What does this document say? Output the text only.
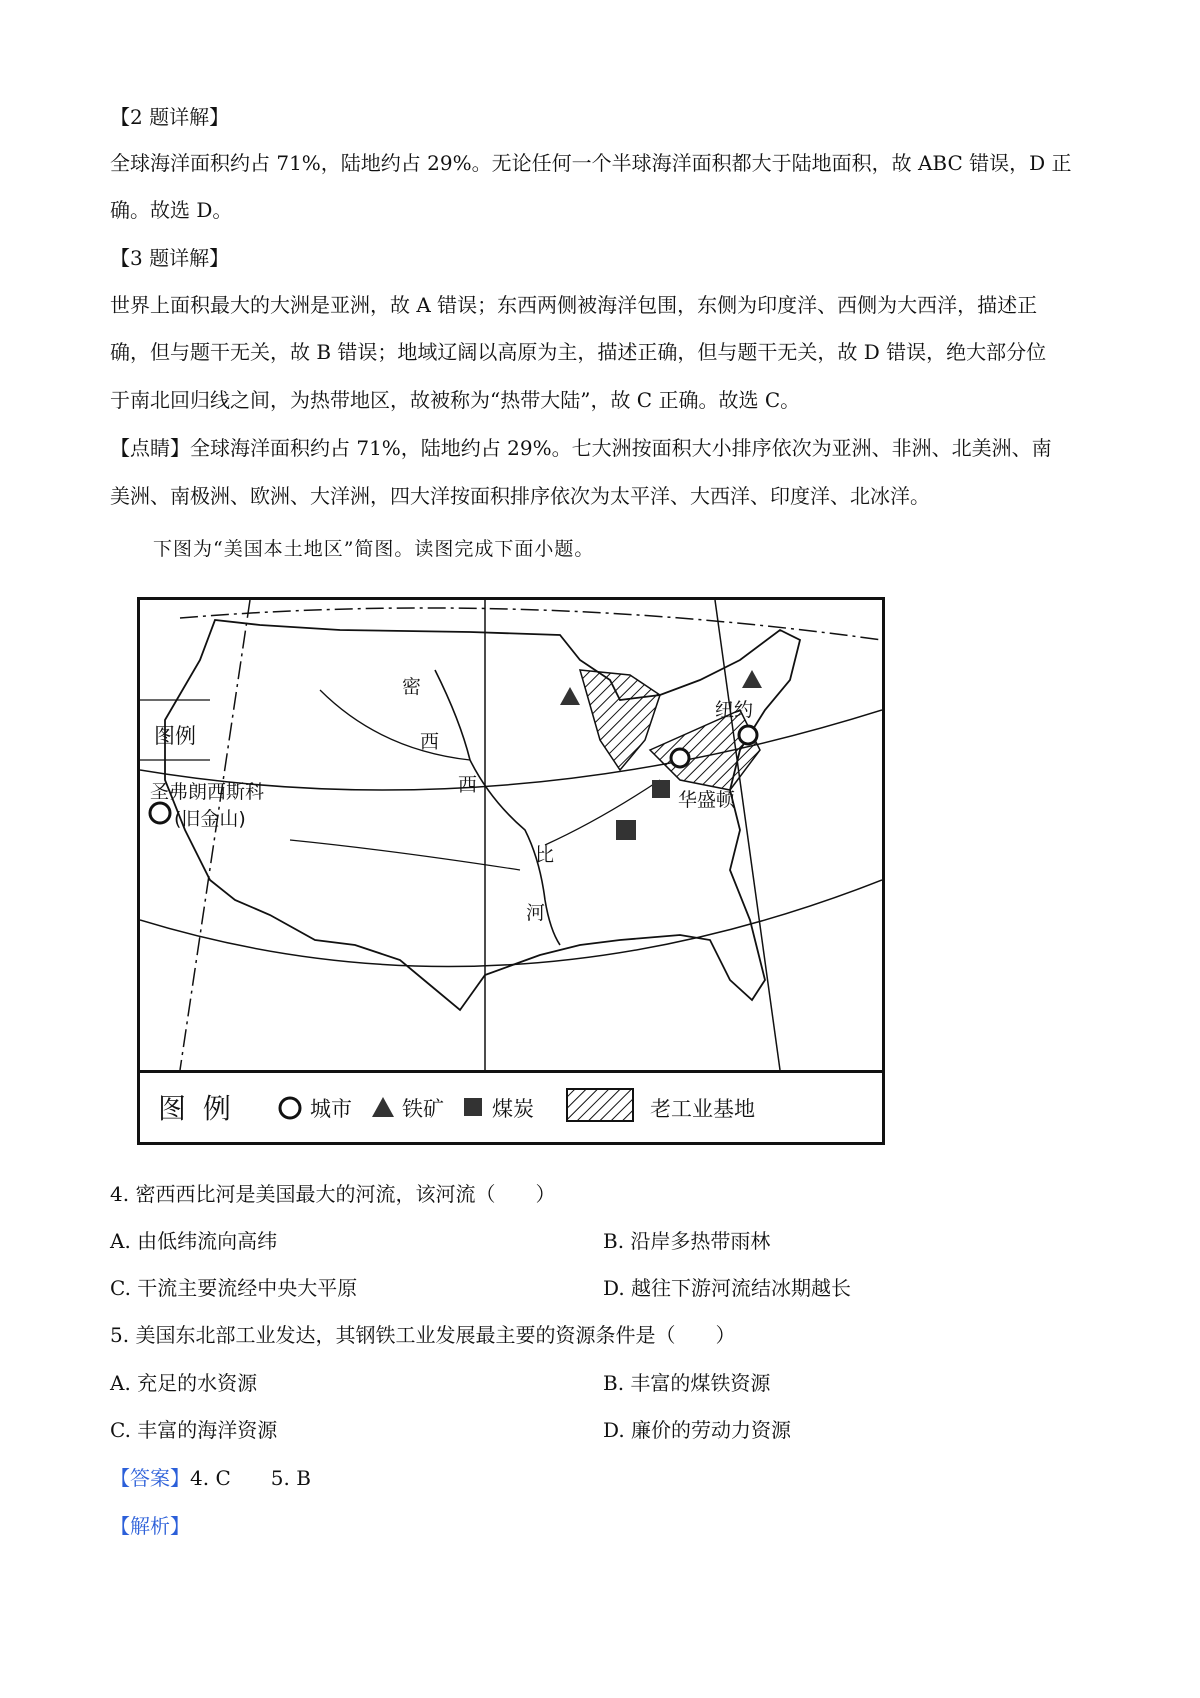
【2 题详解】
全球海洋面积约占 71%，陆地约占 29%。无论任何一个半球海洋面积都大于陆地面积，故 ABC 错误，D 正
确。故选 D。
【3 题详解】
世界上面积最大的大洲是亚洲，故 A 错误；东西两侧被海洋包围，东侧为印度洋、西侧为大西洋，描述正
确，但与题干无关，故 B 错误；地域辽阔以高原为主，描述正确，但与题干无关，故 D 错误，绝大部分位
于南北回归线之间，为热带地区，故被称为“热带大陆”，故 C 正确。故选 C。
【点睛】全球海洋面积约占 71%，陆地约占 29%。七大洲按面积大小排序依次为亚洲、非洲、北美洲、南
美洲、南极洲、欧洲、大洋洲，四大洋按面积排序依次为太平洋、大西洋、印度洋、北冰洋。
下图为“美国本土地区”简图。读图完成下面小题。
图例
圣弗朗西斯科
(旧金山)
纽约
华盛顿
密
西
西
比
河
图 例	城市 铁矿 煤炭	老工业基地
4. 密西西比河是美国最大的河流，该河流（　　）
A. 由低纬流向高纬	B. 沿岸多热带雨林
C. 干流主要流经中央大平原	D. 越往下游河流结冰期越长
5. 美国东北部工业发达，其钢铁工业发展最主要的资源条件是（　　）
A. 充足的水资源	B. 丰富的煤铁资源
C. 丰富的海洋资源	D. 廉价的劳动力资源
【答案】4. C 5. B
【解析】
